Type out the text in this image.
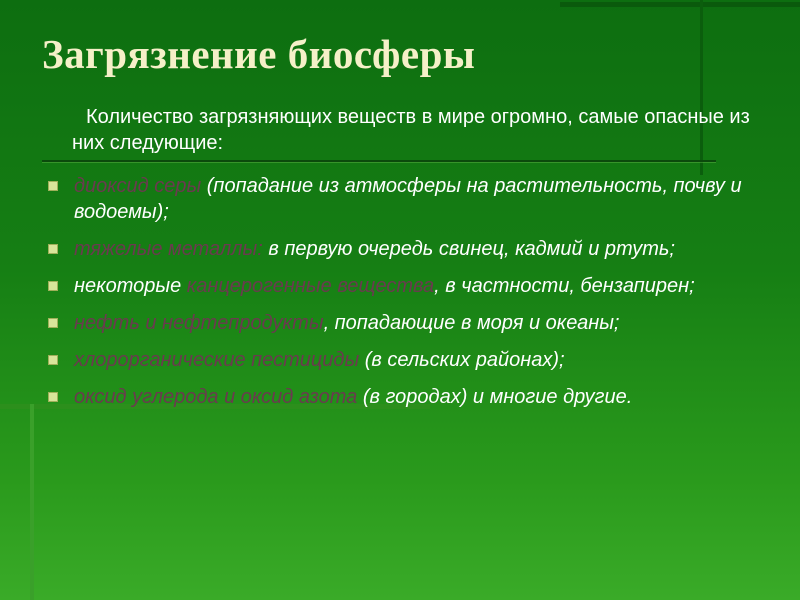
Загрязнение биосферы

Количество загрязняющих веществ в мире огромно, самые опасные из них следующие:

диоксид серы (попадание из атмосферы на растительность, почву и водоемы);
тяжелые металлы: в первую очередь свинец, кадмий и ртуть;
некоторые канцерогенные вещества, в частности, бензапирен;
нефть и нефтепродукты, попадающие в моря и океаны;
хлорорганические пестициды (в сельских районах);
оксид углерода и оксид азота (в городах) и многие другие.
